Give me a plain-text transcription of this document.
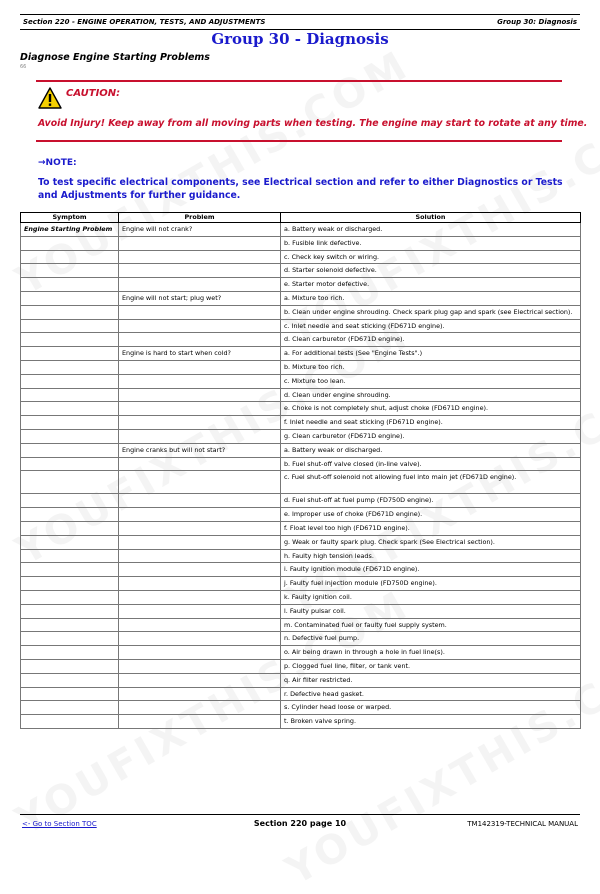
Section 220 - ENGINE OPERATION, TESTS, AND ADJUSTMENTS	Group 30: Diagnosis
Group 30 - Diagnosis
Diagnose Engine Starting Problems
66
CAUTION:
Avoid Injury! Keep away from all moving parts when testing. The engine may start to rotate at any time.
→NOTE:
To test specific electrical components, see Electrical section and refer to either Diagnostics or Tests and Adjustments for further guidance.
Symptom	Problem	Solution
Engine Starting Problem	Engine will not crank?	a. Battery weak or discharged.
		b. Fusible link defective.
		c. Check key switch or wiring.
		d. Starter solenoid defective.
		e. Starter motor defective.
	Engine will not start; plug wet?	a. Mixture too rich.
		b. Clean under engine shrouding. Check spark plug gap and spark (see Electrical section).
		c. Inlet needle and seat sticking (FD671D engine).
		d. Clean carburetor (FD671D engine).
	Engine is hard to start when cold?	a. For additional tests (See "Engine Tests".)
		b. Mixture too rich.
		c. Mixture too lean.
		d. Clean under engine shrouding.
		e. Choke is not completely shut, adjust choke (FD671D engine).
		f. Inlet needle and seat sticking (FD671D engine).
		g. Clean carburetor (FD671D engine).
	Engine cranks but will not start?	a. Battery weak or discharged.
		b. Fuel shut-off valve closed (in-line valve).
		c. Fuel shut-off solenoid not allowing fuel into main jet (FD671D engine).
		d. Fuel shut-off at fuel pump (FD750D engine).
		e. Improper use of choke (FD671D engine).
		f. Float level too high (FD671D engine).
		g. Weak or faulty spark plug. Check spark (See Electrical section).
		h. Faulty high tension leads.
		i. Faulty ignition module (FD671D engine).
		j. Faulty fuel injection module (FD750D engine).
		k. Faulty ignition coil.
		l. Faulty pulsar coil.
		m. Contaminated fuel or faulty fuel supply system.
		n. Defective fuel pump.
		o. Air being drawn in through a hole in fuel line(s).
		p. Clogged fuel line, filter, or tank vent.
		q. Air filter restricted.
		r. Defective head gasket.
		s. Cylinder head loose or warped.
		t. Broken valve spring.
<- Go to Section TOC	Section 220 page 10	TM142319-TECHNICAL MANUAL
